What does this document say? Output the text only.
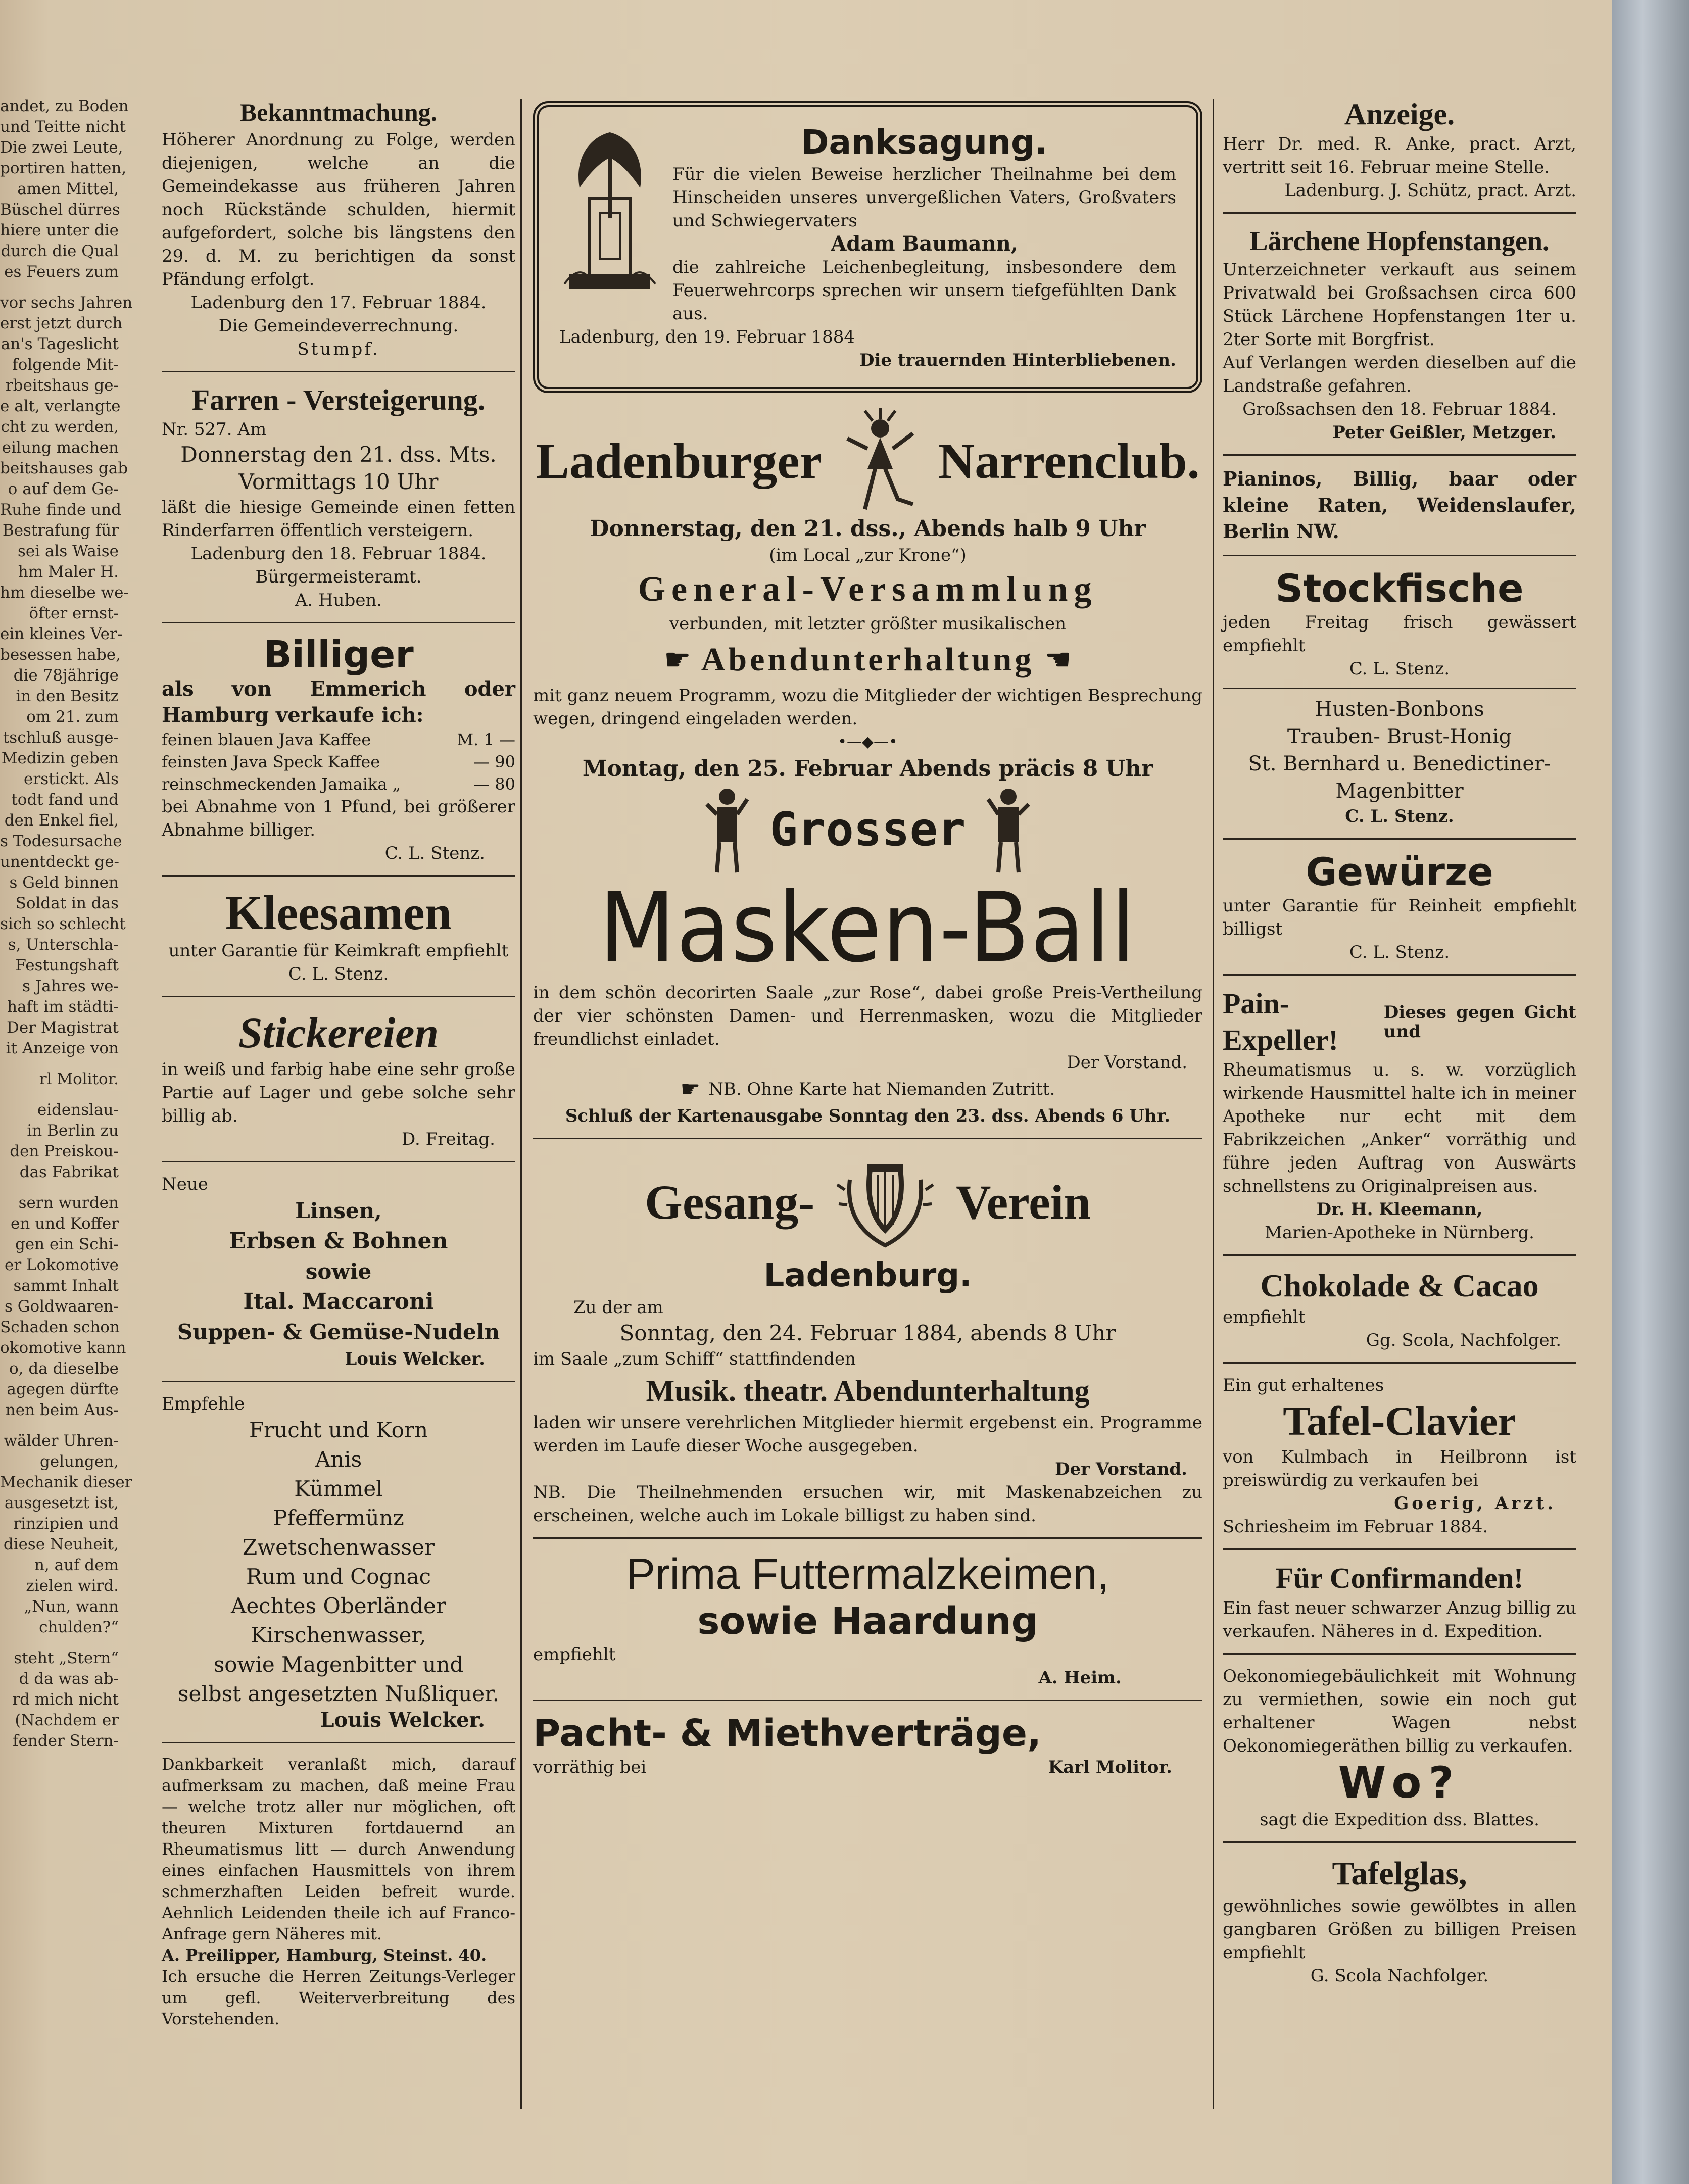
andet, zu Boden
und Teitte nicht
Die zwei Leute,
portiren hatten,
amen Mittel,
Büschel dürres
hiere unter die
durch die Qual
es Feuers zum
vor sechs Jahren
erst jetzt durch
an's Tageslicht
folgende Mit-
rbeitshaus ge-
e alt, verlangte
cht zu werden,
eilung machen
beitshauses gab
o auf dem Ge-
Ruhe finde und
Bestrafung für
sei als Waise
hm Maler H.
hm dieselbe we-
öfter ernst-
ein kleines Ver-
besessen habe,
die 78jährige
in den Besitz
om 21. zum
tschluß ausge-
Medizin geben
erstickt. Als
todt fand und
den Enkel fiel,
s Todesursache
unentdeckt ge-
s Geld binnen
Soldat in das
sich so schlecht
s, Unterschla-
Festungshaft
s Jahres we-
haft im städti-
Der Magistrat
it Anzeige von
rl Molitor.
eidenslau-
in Berlin zu
den Preiskou-
das Fabrikat
sern wurden
en und Koffer
gen ein Schi-
er Lokomotive
sammt Inhalt
s Goldwaaren-
Schaden schon
okomotive kann
o, da dieselbe
agegen dürfte
nen beim Aus-
wälder Uhren-
gelungen,
Mechanik dieser
ausgesetzt ist,
rinzipien und
diese Neuheit,
n, auf dem
zielen wird.
„Nun, wann
chulden?“
steht „Stern“
d da was ab-
rd mich nicht
(Nachdem er
fender Stern-

Bekanntmachung.

Höherer Anordnung zu Folge, werden diejenigen, welche an die Gemeindekasse aus früheren Jahren noch Rückstände schulden, hiermit aufgefordert, solche bis längstens den 29. d. M. zu berichtigen da sonst Pfändung erfolgt.

Ladenburg den 17. Februar 1884.

Die Gemeindeverrechnung.

Stumpf.

Farren - Versteigerung.

Nr. 527. Am

Donnerstag den 21. dss. Mts.

Vormittags 10 Uhr

läßt die hiesige Gemeinde einen fetten Rinderfarren öffentlich versteigern.

Ladenburg den 18. Februar 1884.

Bürgermeisteramt.

A. Huben.

Billiger

als von Emmerich oder Hamburg verkaufe ich:

feinen blauen Java Kaffee	M. 1 —
feinsten Java Speck Kaffee	— 90
reinschmeckenden Jamaika „	— 80

bei Abnahme von 1 Pfund, bei größerer Abnahme billiger.

C. L. Stenz.

Kleesamen

unter Garantie für Keimkraft empfiehlt

C. L. Stenz.

Stickereien

in weiß und farbig habe eine sehr große Partie auf Lager und gebe solche sehr billig ab.

D. Freitag.

Neue

Linsen,

Erbsen & Bohnen

sowie

Ital. Maccaroni

Suppen- & Gemüse-Nudeln

Louis Welcker.

Empfehle

Frucht und Korn

Anis

Kümmel

Pfeffermünz

Zwetschenwasser

Rum und Cognac

Aechtes Oberländer

Kirschenwasser,

sowie Magenbitter und

selbst angesetzten Nußliquer.

Louis Welcker.

Dankbarkeit veranlaßt mich, darauf aufmerksam zu machen, daß meine Frau — welche trotz aller nur möglichen, oft theuren Mixturen fortdauernd an Rheumatismus litt — durch Anwendung eines einfachen Hausmittels von ihrem schmerzhaften Leiden befreit wurde. Aehnlich Leidenden theile ich auf Franco-Anfrage gern Näheres mit.

A. Preilipper, Hamburg, Steinst. 40.

Ich ersuche die Herren Zeitungs-Verleger um gefl. Weiterverbreitung des Vorstehenden.

Danksagung.

Für die vielen Beweise herzlicher Theilnahme bei dem Hinscheiden unseres unvergeßlichen Vaters, Großvaters und Schwiegervaters

Adam Baumann,

die zahlreiche Leichenbegleitung, insbesondere dem Feuerwehrcorps sprechen wir unsern tiefgefühlten Dank aus.

Ladenburg, den 19. Februar 1884

Die trauernden Hinterbliebenen.

Ladenburger Narrenclub.

Donnerstag, den 21. dss., Abends halb 9 Uhr

(im Local „zur Krone“)

General-Versammlung

verbunden, mit letzter größter musikalischen

☛ Abendunterhaltung ☚

mit ganz neuem Programm, wozu die Mitglieder der wichtigen Besprechung wegen, dringend eingeladen werden.

•—◆—•

Montag, den 25. Februar Abends präcis 8 Uhr

Grosser

Masken-Ball

in dem schön decorirten Saale „zur Rose“, dabei große Preis-Vertheilung der vier schönsten Damen- und Herrenmasken, wozu die Mitglieder freundlichst einladet.

Der Vorstand.

☛ NB. Ohne Karte hat Niemanden Zutritt.

Schluß der Kartenausgabe Sonntag den 23. dss. Abends 6 Uhr.

Gesang-	Verein

Ladenburg.

Zu der am

Sonntag, den 24. Februar 1884, abends 8 Uhr

im Saale „zum Schiff“ stattfindenden

Musik. theatr. Abendunterhaltung

laden wir unsere verehrlichen Mitglieder hiermit ergebenst ein. Programme werden im Laufe dieser Woche ausgegeben.

Der Vorstand.

NB. Die Theilnehmenden ersuchen wir, mit Maskenabzeichen zu erscheinen, welche auch im Lokale billigst zu haben sind.

Prima Futtermalzkeimen,

sowie Haardung

empfiehlt

A. Heim.

Pacht- & Miethverträge,

vorräthig bei	Karl Molitor.

Anzeige.

Herr Dr. med. R. Anke, pract. Arzt, vertritt seit 16. Februar meine Stelle.

Ladenburg. J. Schütz, pract. Arzt.

Lärchene Hopfenstangen.

Unterzeichneter verkauft aus seinem Privatwald bei Großsachsen circa 600 Stück Lärchene Hopfenstangen 1ter u. 2ter Sorte mit Borgfrist.

Auf Verlangen werden dieselben auf die Landstraße gefahren.

Großsachsen den 18. Februar 1884.

Peter Geißler, Metzger.

Pianinos, Billig, baar oder kleine Raten, Weidenslaufer, Berlin NW.

Stockfische

jeden Freitag frisch gewässert empfiehlt

C. L. Stenz.

Husten-Bonbons

Trauben- Brust-Honig

St. Bernhard u. Benedictiner-

Magenbitter

C. L. Stenz.

Gewürze

unter Garantie für Reinheit empfiehlt billigst

C. L. Stenz.

Pain-Expeller!
Dieses gegen Gicht und

Rheumatismus u. s. w. vorzüglich wirkende Hausmittel halte ich in meiner Apotheke nur echt mit dem Fabrikzeichen „Anker“ vorräthig und führe jeden Auftrag von Auswärts schnellstens zu Originalpreisen aus.

Dr. H. Kleemann,

Marien-Apotheke in Nürnberg.

Chokolade & Cacao

empfiehlt

Gg. Scola, Nachfolger.

Ein gut erhaltenes

Tafel-Clavier

von Kulmbach in Heilbronn ist preiswürdig zu verkaufen bei

Goerig, Arzt.

Schriesheim im Februar 1884.

Für Confirmanden!

Ein fast neuer schwarzer Anzug billig zu verkaufen. Näheres in d. Expedition.

Oekonomiegebäulichkeit mit Wohnung zu vermiethen, sowie ein noch gut erhaltener Wagen nebst Oekonomiegeräthen billig zu verkaufen.

Wo?

sagt die Expedition dss. Blattes.

Tafelglas,

gewöhnliches sowie gewölbtes in allen gangbaren Größen zu billigen Preisen empfiehlt

G. Scola Nachfolger.
